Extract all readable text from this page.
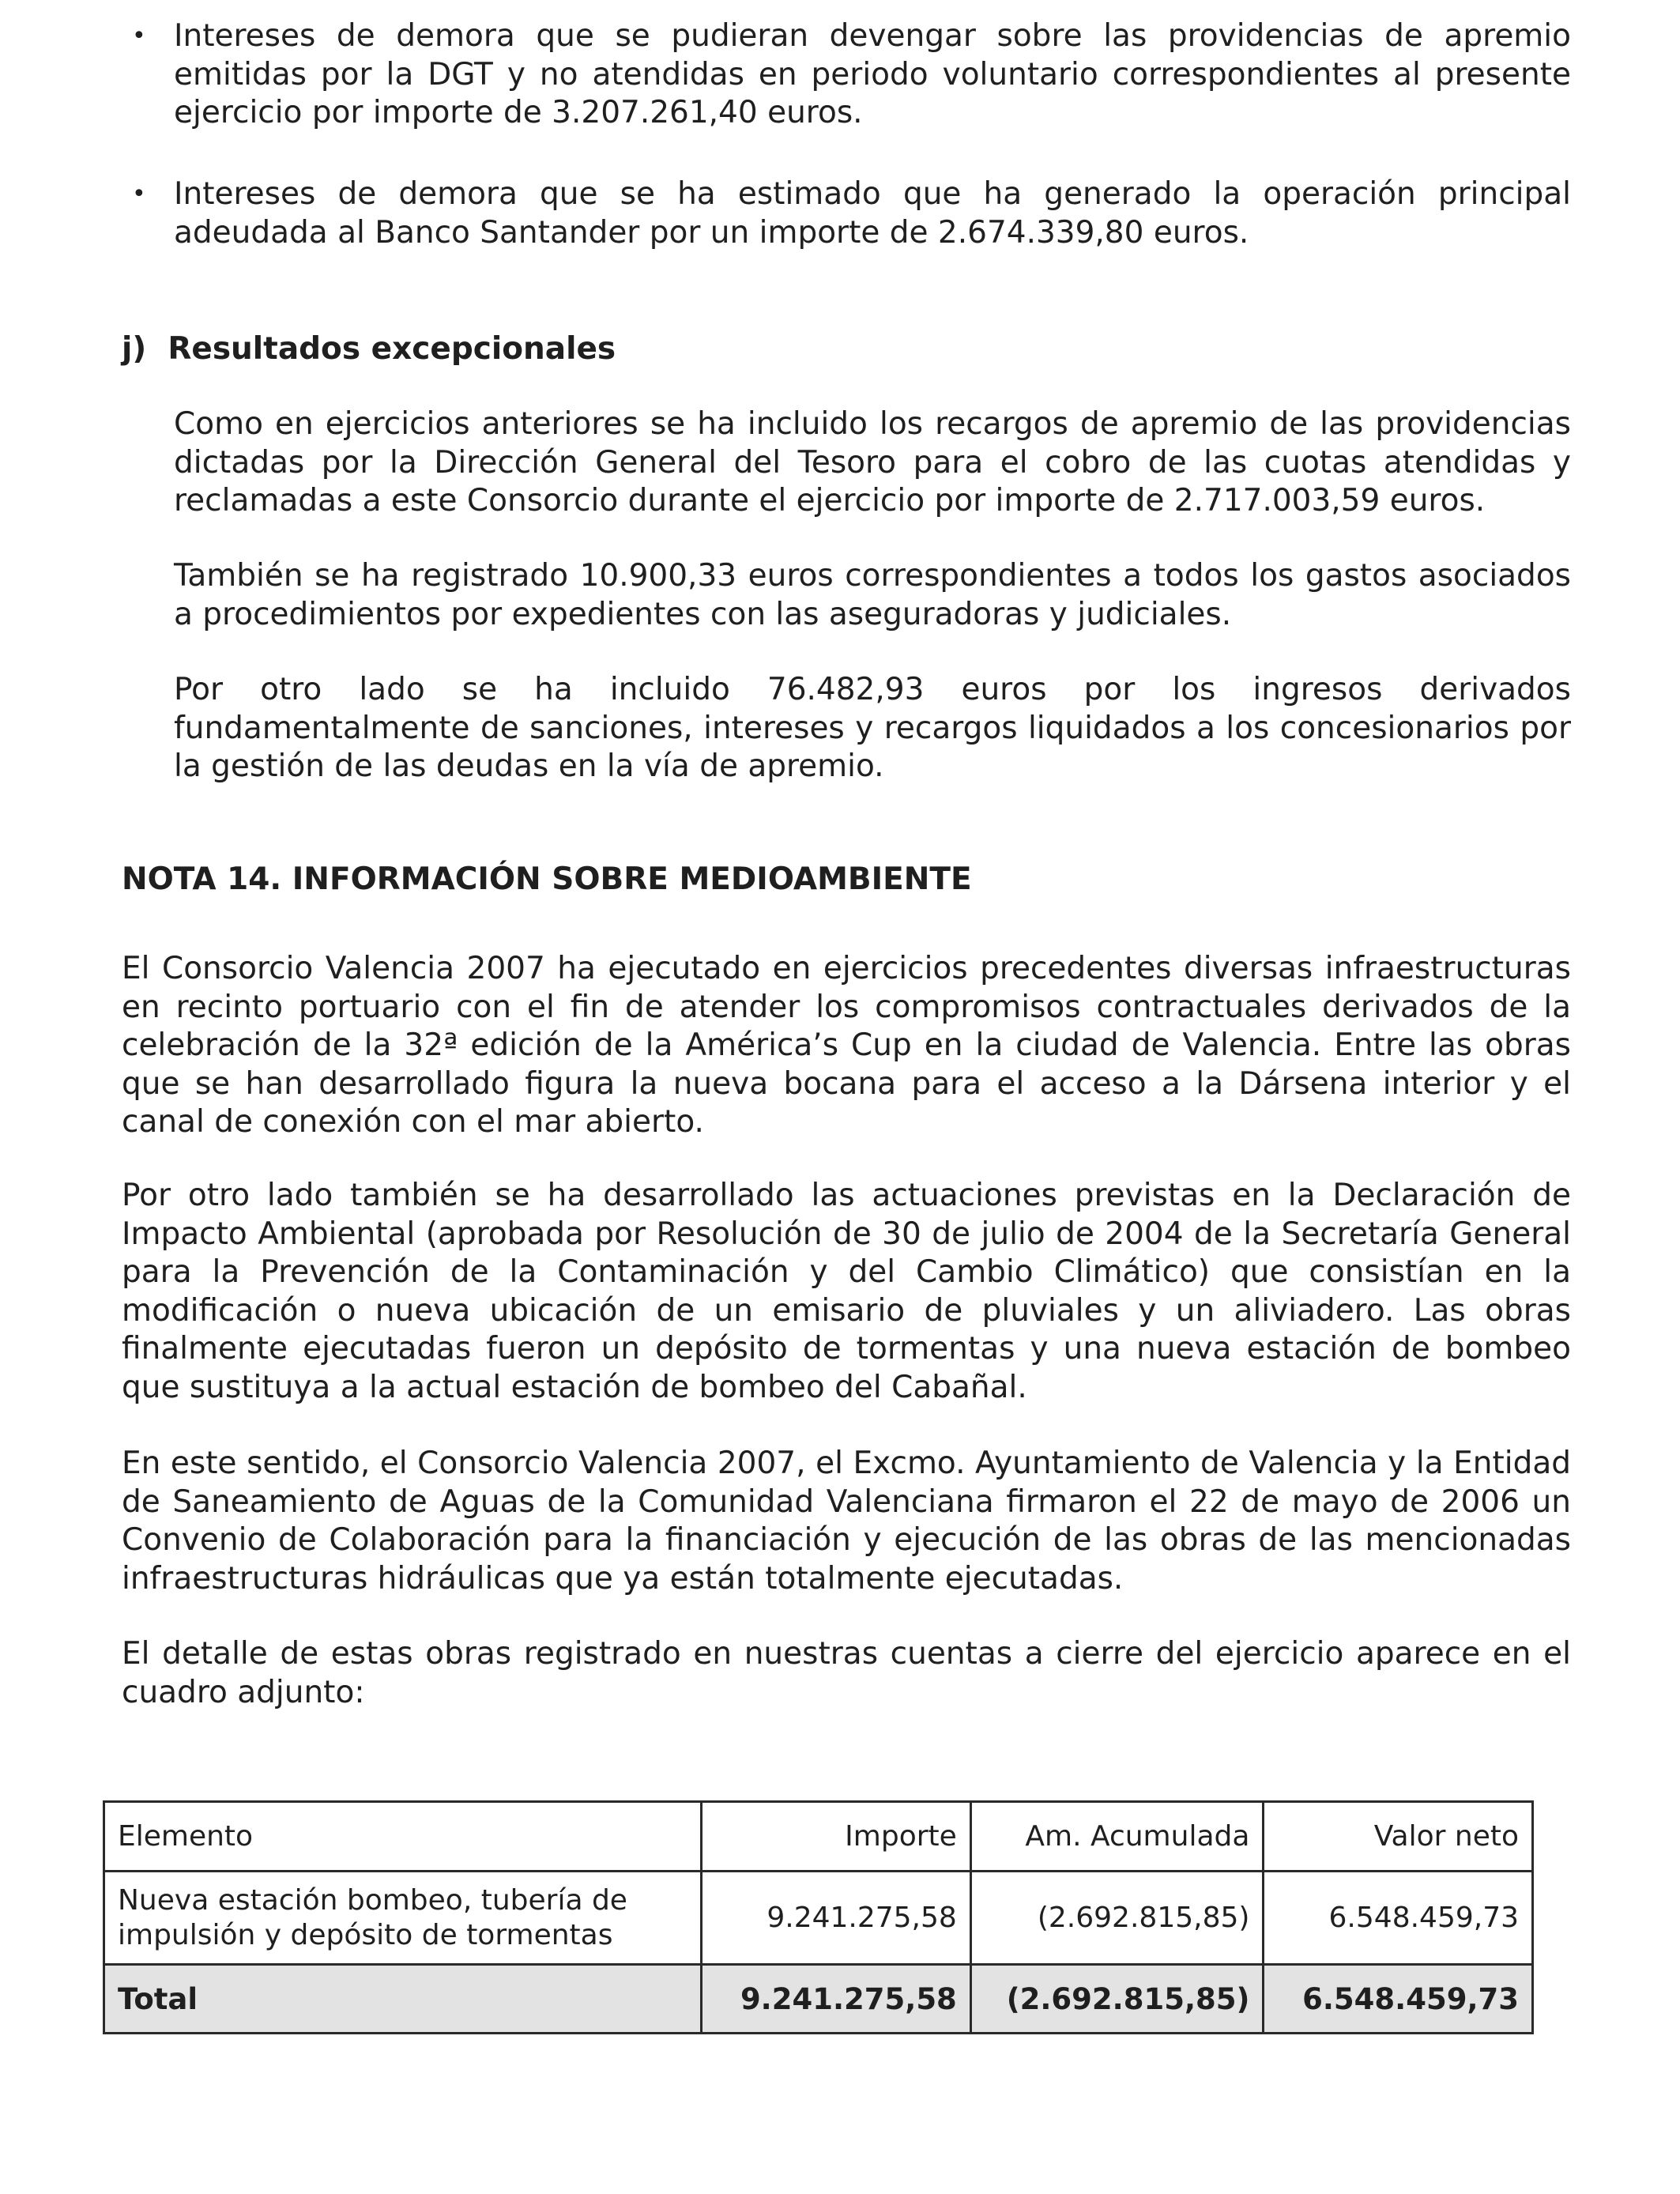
• Intereses de demora que se pudieran devengar sobre las providencias de apremio emitidas por la DGT y no atendidas en periodo voluntario correspondientes al presente ejercicio por importe de 3.207.261,40 euros.

• Intereses de demora que se ha estimado que ha generado la operación principal adeudada al Banco Santander por un importe de 2.674.339,80 euros.

j)  Resultados excepcionales

Como en ejercicios anteriores se ha incluido los recargos de apremio de las providencias dictadas por la Dirección General del Tesoro para el cobro de las cuotas atendidas y reclamadas a este Consorcio durante el ejercicio por importe de 2.717.003,59 euros.

También se ha registrado 10.900,33 euros correspondientes a todos los gastos asociados a procedimientos por expedientes con las aseguradoras y judiciales.

Por otro lado se ha incluido 76.482,93 euros por los ingresos derivados fundamentalmente de sanciones, intereses y recargos liquidados a los concesionarios por la gestión de las deudas en la vía de apremio.

NOTA 14. INFORMACIÓN SOBRE MEDIOAMBIENTE

El Consorcio Valencia 2007 ha ejecutado en ejercicios precedentes diversas infraestructuras en recinto portuario con el fin de atender los compromisos contractuales derivados de la celebración de la 32ª edición de la América’s Cup en la ciudad de Valencia. Entre las obras que se han desarrollado figura la nueva bocana para el acceso a la Dársena interior y el canal de conexión con el mar abierto.

Por otro lado también se ha desarrollado las actuaciones previstas en la Declaración de Impacto Ambiental (aprobada por Resolución de 30 de julio de 2004 de la Secretaría General para la Prevención de la Contaminación y del Cambio Climático) que consistían en la modificación o nueva ubicación de un emisario de pluviales y un aliviadero. Las obras finalmente ejecutadas fueron un depósito de tormentas y una nueva estación de bombeo que sustituya a la actual estación de bombeo del Cabañal.

En este sentido, el Consorcio Valencia 2007, el Excmo. Ayuntamiento de Valencia y la Entidad de Saneamiento de Aguas de la Comunidad Valenciana firmaron el 22 de mayo de 2006 un Convenio de Colaboración para la financiación y ejecución de las obras de las mencionadas infraestructuras hidráulicas que ya están totalmente ejecutadas.

El detalle de estas obras registrado en nuestras cuentas a cierre del ejercicio aparece en el cuadro adjunto:

Elemento	Importe	Am. Acumulada	Valor neto

Nueva estación bombeo, tubería de
impulsión y depósito de tormentas	9.241.275,58	(2.692.815,85)	6.548.459,73
Total	9.241.275,58	(2.692.815,85)	6.548.459,73
